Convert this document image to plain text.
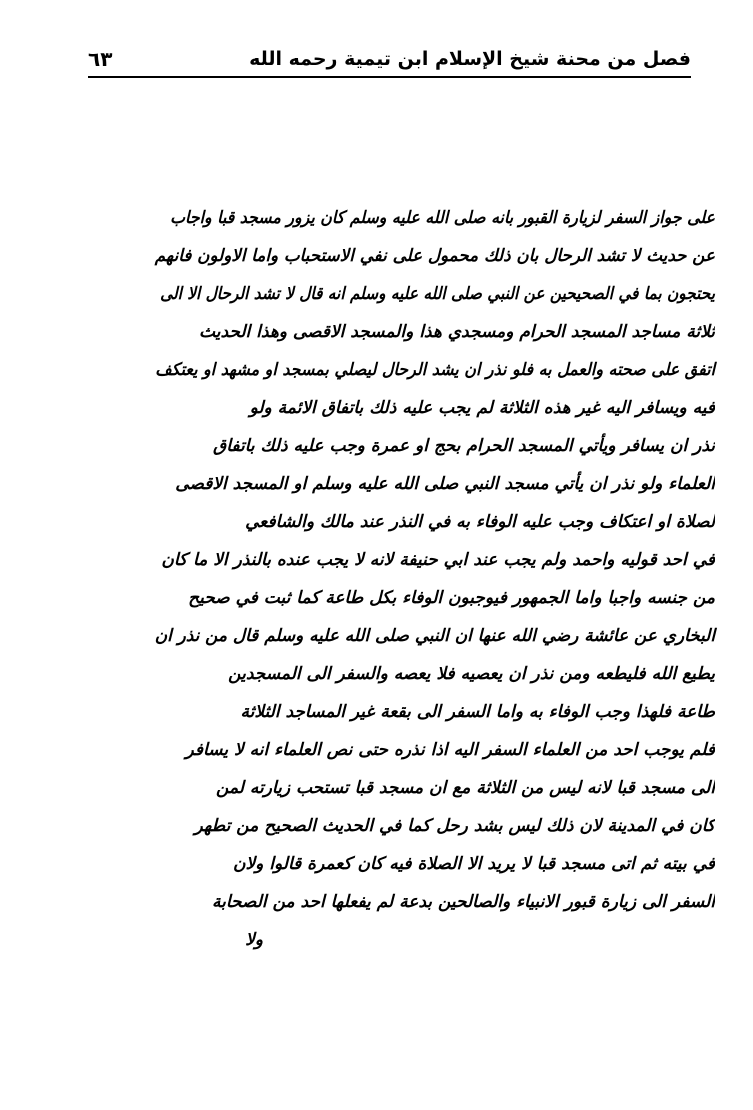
فصل من محنة شيخ الإسلام ابن تيمية رحمه الله
٦٣
على جواز السفر لزيارة القبور بانه صلى الله عليه وسلم كان يزور مسجد قبا واجاب
عن حديث لا تشد الرحال بان ذلك محمول على نفي الاستحباب واما الاولون فانهم
يحتجون بما في الصحيحين عن النبي صلى الله عليه وسلم انه قال لا تشد الرحال الا الى
ثلاثة مساجد المسجد الحرام ومسجدي هذا والمسجد الاقصى وهذا الحديث
اتفق على صحته والعمل به فلو نذر ان يشد الرحال ليصلي بمسجد او مشهد او يعتكف
فيه ويسافر اليه غير هذه الثلاثة لم يجب عليه ذلك باتفاق الائمة ولو
نذر ان يسافر ويأتي المسجد الحرام بحج او عمرة وجب عليه ذلك باتفاق
العلماء ولو نذر ان يأتي مسجد النبي صلى الله عليه وسلم او المسجد الاقصى
لصلاة او اعتكاف وجب عليه الوفاء به في النذر عند مالك والشافعي
في احد قوليه واحمد ولم يجب عند ابي حنيفة لانه لا يجب عنده بالنذر الا ما كان
من جنسه واجبا واما الجمهور فيوجبون الوفاء بكل طاعة كما ثبت في صحيح
البخاري عن عائشة رضي الله عنها ان النبي صلى الله عليه وسلم قال من نذر ان
يطيع الله فليطعه ومن نذر ان يعصيه فلا يعصه والسفر الى المسجدين
طاعة فلهذا وجب الوفاء به واما السفر الى بقعة غير المساجد الثلاثة
فلم يوجب احد من العلماء السفر اليه اذا نذره حتى نص العلماء انه لا يسافر
الى مسجد قبا لانه ليس من الثلاثة مع ان مسجد قبا تستحب زيارته لمن
كان في المدينة لان ذلك ليس بشد رحل كما في الحديث الصحيح من تطهر
في بيته ثم اتى مسجد قبا لا يريد الا الصلاة فيه كان كعمرة قالوا ولان
السفر الى زيارة قبور الانبياء والصالحين بدعة لم يفعلها احد من الصحابة
ولا
